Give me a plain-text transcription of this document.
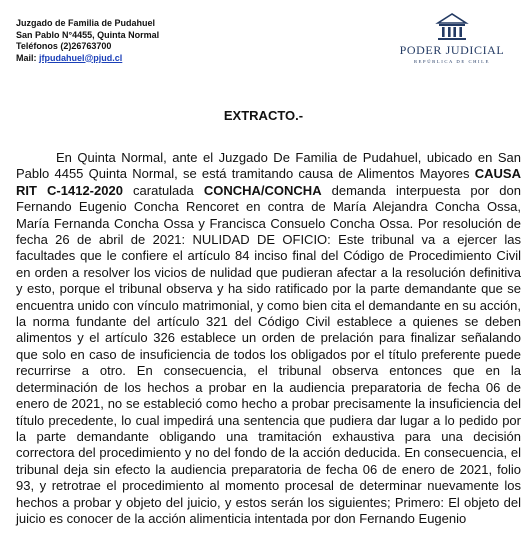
Juzgado de Familia de Pudahuel
San Pablo N°4455, Quinta Normal
Teléfonos (2)26763700
Mail: jfpudahuel@pjud.cl
PODER JUDICIAL
REPÚBLICA DE CHILE
EXTRACTO.-

En Quinta Normal, ante el Juzgado De Familia de Pudahuel, ubicado en San Pablo 4455 Quinta Normal, se está tramitando causa de Alimentos Mayores CAUSA RIT C-1412-2020 caratulada CONCHA/CONCHA demanda interpuesta por don Fernando Eugenio Concha Rencoret en contra de María Alejandra Concha Ossa, María Fernanda Concha Ossa y Francisca Consuelo Concha Ossa. Por resolución de fecha 26 de abril de 2021: NULIDAD DE OFICIO: Este tribunal va a ejercer las facultades que le confiere el artículo 84 inciso final del Código de Procedimiento Civil en orden a resolver los vicios de nulidad que pudieran afectar a la resolución definitiva y esto, porque el tribunal observa y ha sido ratificado por la parte demandante que se encuentra unido con vínculo matrimonial, y como bien cita el demandante en su acción, la norma fundante del artículo 321 del Código Civil establece a quienes se deben alimentos y el artículo 326 establece un orden de prelación para finalizar señalando que solo en caso de insuficiencia de todos los obligados por el título preferente puede recurrirse a otro. En consecuencia, el tribunal observa entonces que en la determinación de los hechos a probar en la audiencia preparatoria de fecha 06 de enero de 2021, no se estableció como hecho a probar precisamente la insuficiencia del título precedente, lo cual impedirá una sentencia que pudiera dar lugar a lo pedido por la parte demandante obligando una tramitación exhaustiva para una decisión correctora del procedimiento y no del fondo de la acción deducida. En consecuencia, el tribunal deja sin efecto la audiencia preparatoria de fecha 06 de enero de 2021, folio 93, y retrotrae el procedimiento al momento procesal de determinar nuevamente los hechos a probar y objeto del juicio, y estos serán los siguientes; Primero: El objeto del juicio es conocer de la acción alimenticia intentada por don Fernando Eugenio
